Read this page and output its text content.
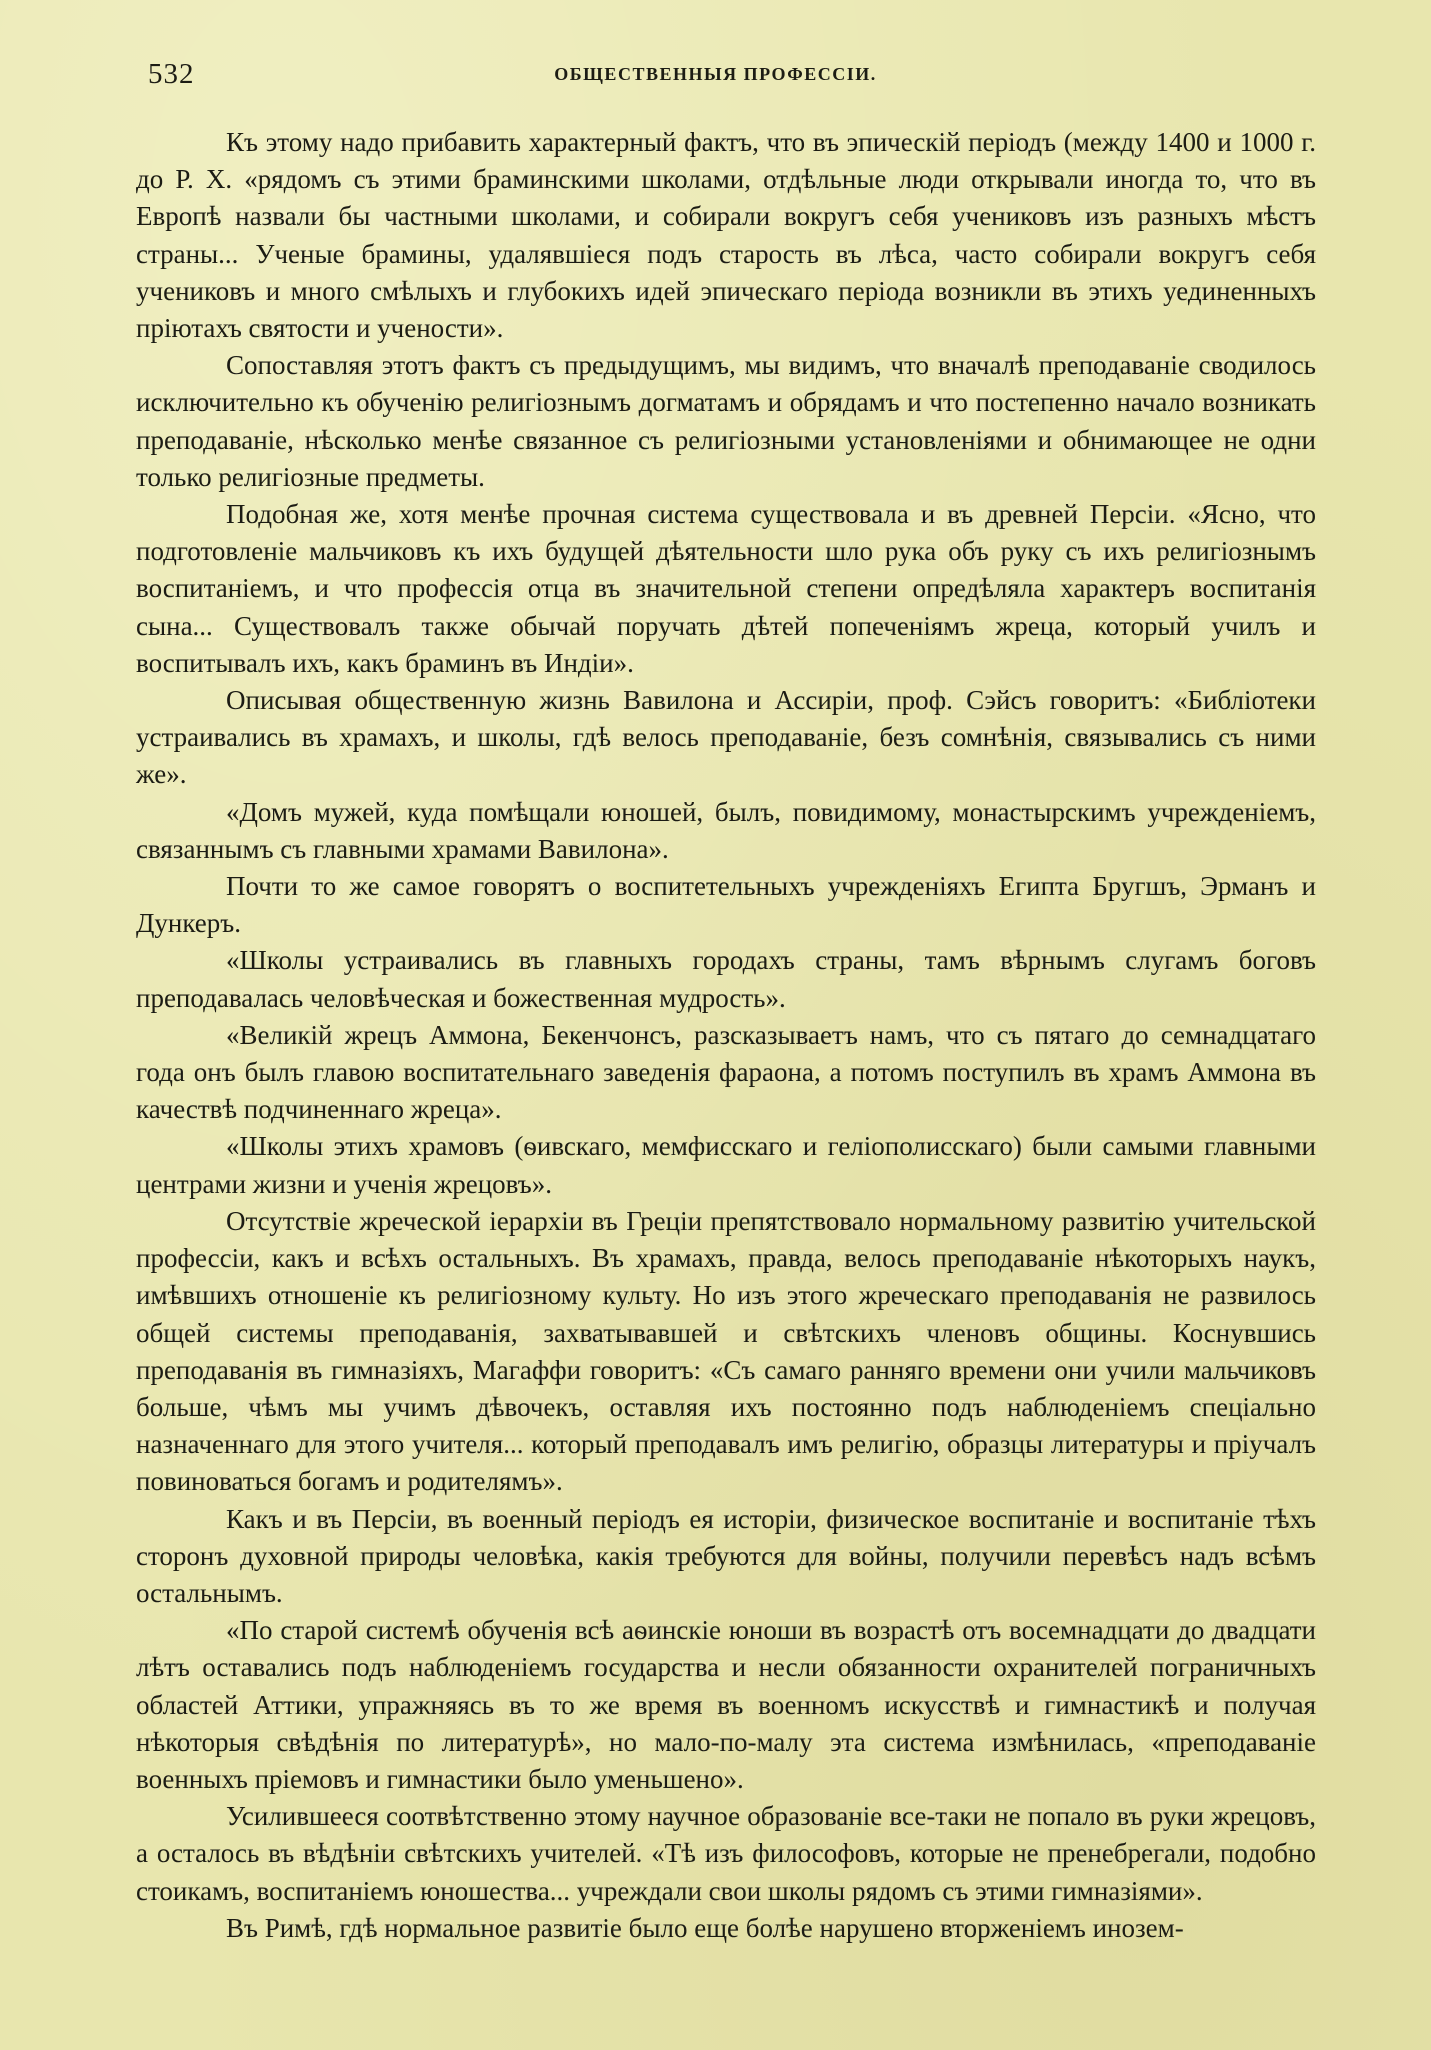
532	ОБЩЕСТВЕННЫЯ ПРОФЕССІИ.

Къ этому надо прибавить характерный фактъ, что въ эпическій періодъ (между 1400 и 1000 г. до Р. Х. «рядомъ съ этими браминскими школами, отдѣльные люди открывали иногда то, что въ Европѣ назвали бы частными школами, и собирали вокругъ себя учениковъ изъ разныхъ мѣстъ страны... Ученые брамины, удалявшіеся подъ старость въ лѣса, часто собирали вокругъ себя учениковъ и много смѣлыхъ и глубокихъ идей эпическаго періода возникли въ этихъ уединенныхъ пріютахъ святости и учености».

Сопоставляя этотъ фактъ съ предыдущимъ, мы видимъ, что вначалѣ преподаваніе сводилось исключительно къ обученію религіознымъ догматамъ и обрядамъ и что постепенно начало возникать преподаваніе, нѣсколько менѣе связанное съ религіозными установленіями и обнимающее не одни только религіозные предметы.

Подобная же, хотя менѣе прочная система существовала и въ древней Персіи. «Ясно, что подготовленіе мальчиковъ къ ихъ будущей дѣятельности шло рука объ руку съ ихъ религіознымъ воспитаніемъ, и что профессія отца въ значительной степени опредѣляла характеръ воспитанія сына... Существовалъ также обычай поручать дѣтей попеченіямъ жреца, который училъ и воспитывалъ ихъ, какъ браминъ въ Индіи».

Описывая общественную жизнь Вавилона и Ассиріи, проф. Сэйсъ говоритъ: «Библіотеки устраивались въ храмахъ, и школы, гдѣ велось преподаваніе, безъ сомнѣнія, связывались съ ними же».

«Домъ мужей, куда помѣщали юношей, былъ, повидимому, монастырскимъ учрежденіемъ, связаннымъ съ главными храмами Вавилона».

Почти то же самое говорятъ о воспитетельныхъ учрежденіяхъ Египта Бругшъ, Эрманъ и Дункеръ.

«Школы устраивались въ главныхъ городахъ страны, тамъ вѣрнымъ слугамъ боговъ преподавалась человѣческая и божественная мудрость».

«Великій жрецъ Аммона, Бекенчонсъ, разсказываетъ намъ, что съ пятаго до семнадцатаго года онъ былъ главою воспитательнаго заведенія фараона, а потомъ поступилъ въ храмъ Аммона въ качествѣ подчиненнаго жреца».

«Школы этихъ храмовъ (ѳивскаго, мемфисскаго и геліополисскаго) были самыми главными центрами жизни и ученія жрецовъ».

Отсутствіе жреческой іерархіи въ Греціи препятствовало нормальному развитію учительской профессіи, какъ и всѣхъ остальныхъ. Въ храмахъ, правда, велось преподаваніе нѣкоторыхъ наукъ, имѣвшихъ отношеніе къ религіозному культу. Но изъ этого жреческаго преподаванія не развилось общей системы преподаванія, захватывавшей и свѣтскихъ членовъ общины. Коснувшись преподаванія въ гимназіяхъ, Магаффи говоритъ: «Съ самаго ранняго времени они учили мальчиковъ больше, чѣмъ мы учимъ дѣвочекъ, оставляя ихъ постоянно подъ наблюденіемъ спеціально назначеннаго для этого учителя... который преподавалъ имъ религію, образцы литературы и пріучалъ повиноваться богамъ и родителямъ».

Какъ и въ Персіи, въ военный періодъ ея исторіи, физическое воспитаніе и воспитаніе тѣхъ сторонъ духовной природы человѣка, какія требуются для войны, получили перевѣсъ надъ всѣмъ остальнымъ.

«По старой системѣ обученія всѣ аѳинскіе юноши въ возрастѣ отъ восемнадцати до двадцати лѣтъ оставались подъ наблюденіемъ государства и несли обязанности охранителей пограничныхъ областей Аттики, упражняясь въ то же время въ военномъ искусствѣ и гимнастикѣ и получая нѣкоторыя свѣдѣнія по литературѣ», но мало-по-малу эта система измѣнилась, «преподаваніе военныхъ пріемовъ и гимнастики было уменьшено».

Усилившееся соотвѣтственно этому научное образованіе все-таки не попало въ руки жрецовъ, а осталось въ вѣдѣніи свѣтскихъ учителей. «Тѣ изъ философовъ, которые не пренебрегали, подобно стоикамъ, воспитаніемъ юношества... учреждали свои школы рядомъ съ этими гимназіями».

Въ Римѣ, гдѣ нормальное развитіе было еще болѣе нарушено вторженіемъ инозем-
